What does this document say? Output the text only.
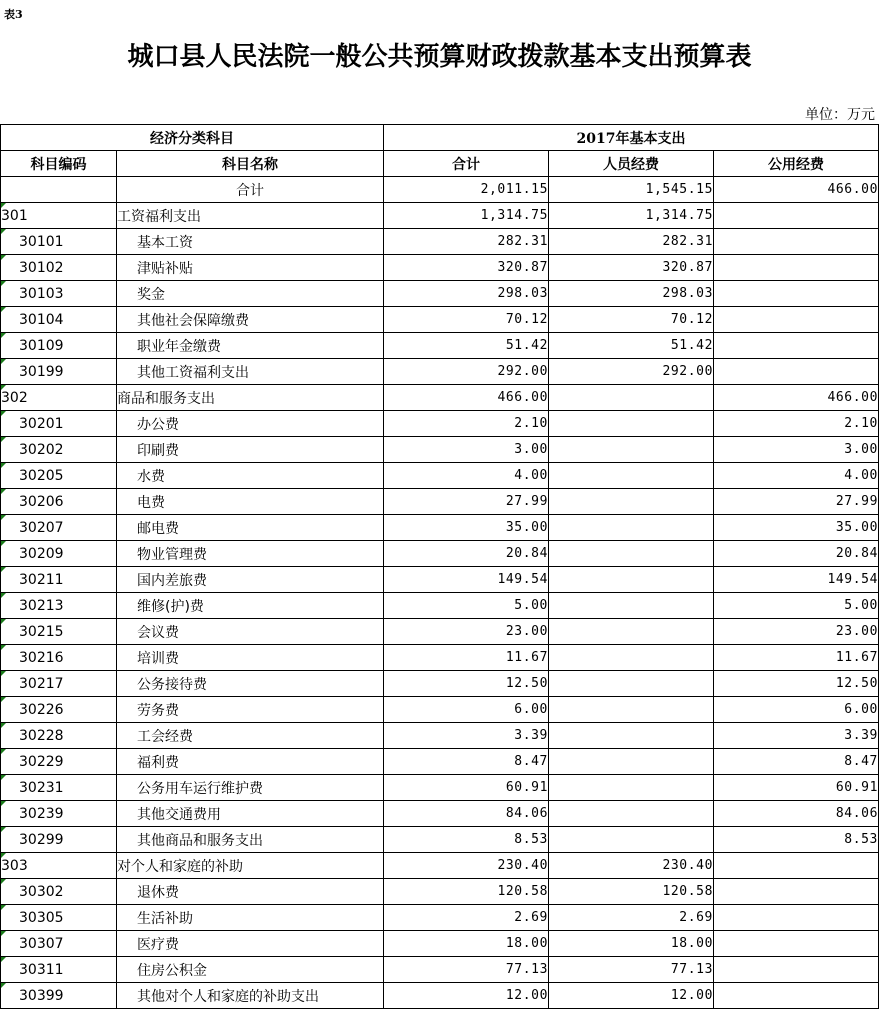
表3
城口县人民法院一般公共预算财政拨款基本支出预算表
单位：万元
经济分类科目		2017年基本支出		
科目编码	科目名称	合计	人员经费	公用经费
	合计	2,011.15	1,545.15	466.00

301	工资福利支出	1,314.75	1,314.75	

30101	基本工资	282.31	282.31	

30102	津贴补贴	320.87	320.87	

30103	奖金	298.03	298.03	

30104	其他社会保障缴费	70.12	70.12	

30109	职业年金缴费	51.42	51.42	

30199	其他工资福利支出	292.00	292.00	

302	商品和服务支出	466.00		466.00

30201	办公费	2.10		2.10

30202	印刷费	3.00		3.00

30205	水费	4.00		4.00

30206	电费	27.99		27.99

30207	邮电费	35.00		35.00

30209	物业管理费	20.84		20.84

30211	国内差旅费	149.54		149.54

30213	维修(护)费	5.00		5.00

30215	会议费	23.00		23.00

30216	培训费	11.67		11.67

30217	公务接待费	12.50		12.50

30226	劳务费	6.00		6.00

30228	工会经费	3.39		3.39

30229	福利费	8.47		8.47

30231	公务用车运行维护费	60.91		60.91

30239	其他交通费用	84.06		84.06

30299	其他商品和服务支出	8.53		8.53

303	对个人和家庭的补助	230.40	230.40	

30302	退休费	120.58	120.58	

30305	生活补助	2.69	2.69	

30307	医疗费	18.00	18.00	

30311	住房公积金	77.13	77.13	

30399	其他对个人和家庭的补助支出	12.00	12.00	
